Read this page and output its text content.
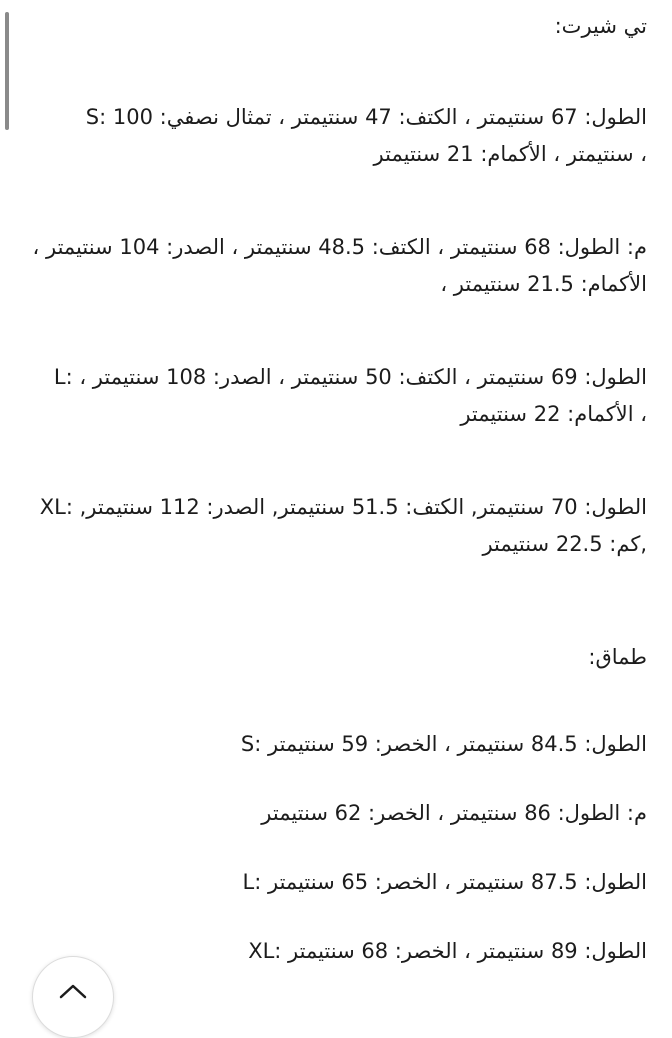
تي شيرت:

الطول: 67 سنتيمتر ، الكتف: 47 سنتيمتر ، تمثال نصفي: 100 :S
، سنتيمتر ، الأكمام: 21 سنتيمتر
م: الطول: 68 سنتيمتر ، الكتف: 48.5 سنتيمتر ، الصدر: 104 سنتيمتر ،
الأكمام: 21.5 سنتيمتر ،
الطول: 69 سنتيمتر ، الكتف: 50 سنتيمتر ، الصدر: 108 سنتيمتر ، :L
، الأكمام: 22 سنتيمتر
الطول: 70 سنتيمتر, الكتف: 51.5 سنتيمتر, الصدر: 112 سنتيمتر, :XL
,كم: 22.5 سنتيمتر

طماق:

الطول: 84.5 سنتيمتر ، الخصر: 59 سنتيمتر :S

م: الطول: 86 سنتيمتر ، الخصر: 62 سنتيمتر

الطول: 87.5 سنتيمتر ، الخصر: 65 سنتيمتر :L

الطول: 89 سنتيمتر ، الخصر: 68 سنتيمتر :XL
